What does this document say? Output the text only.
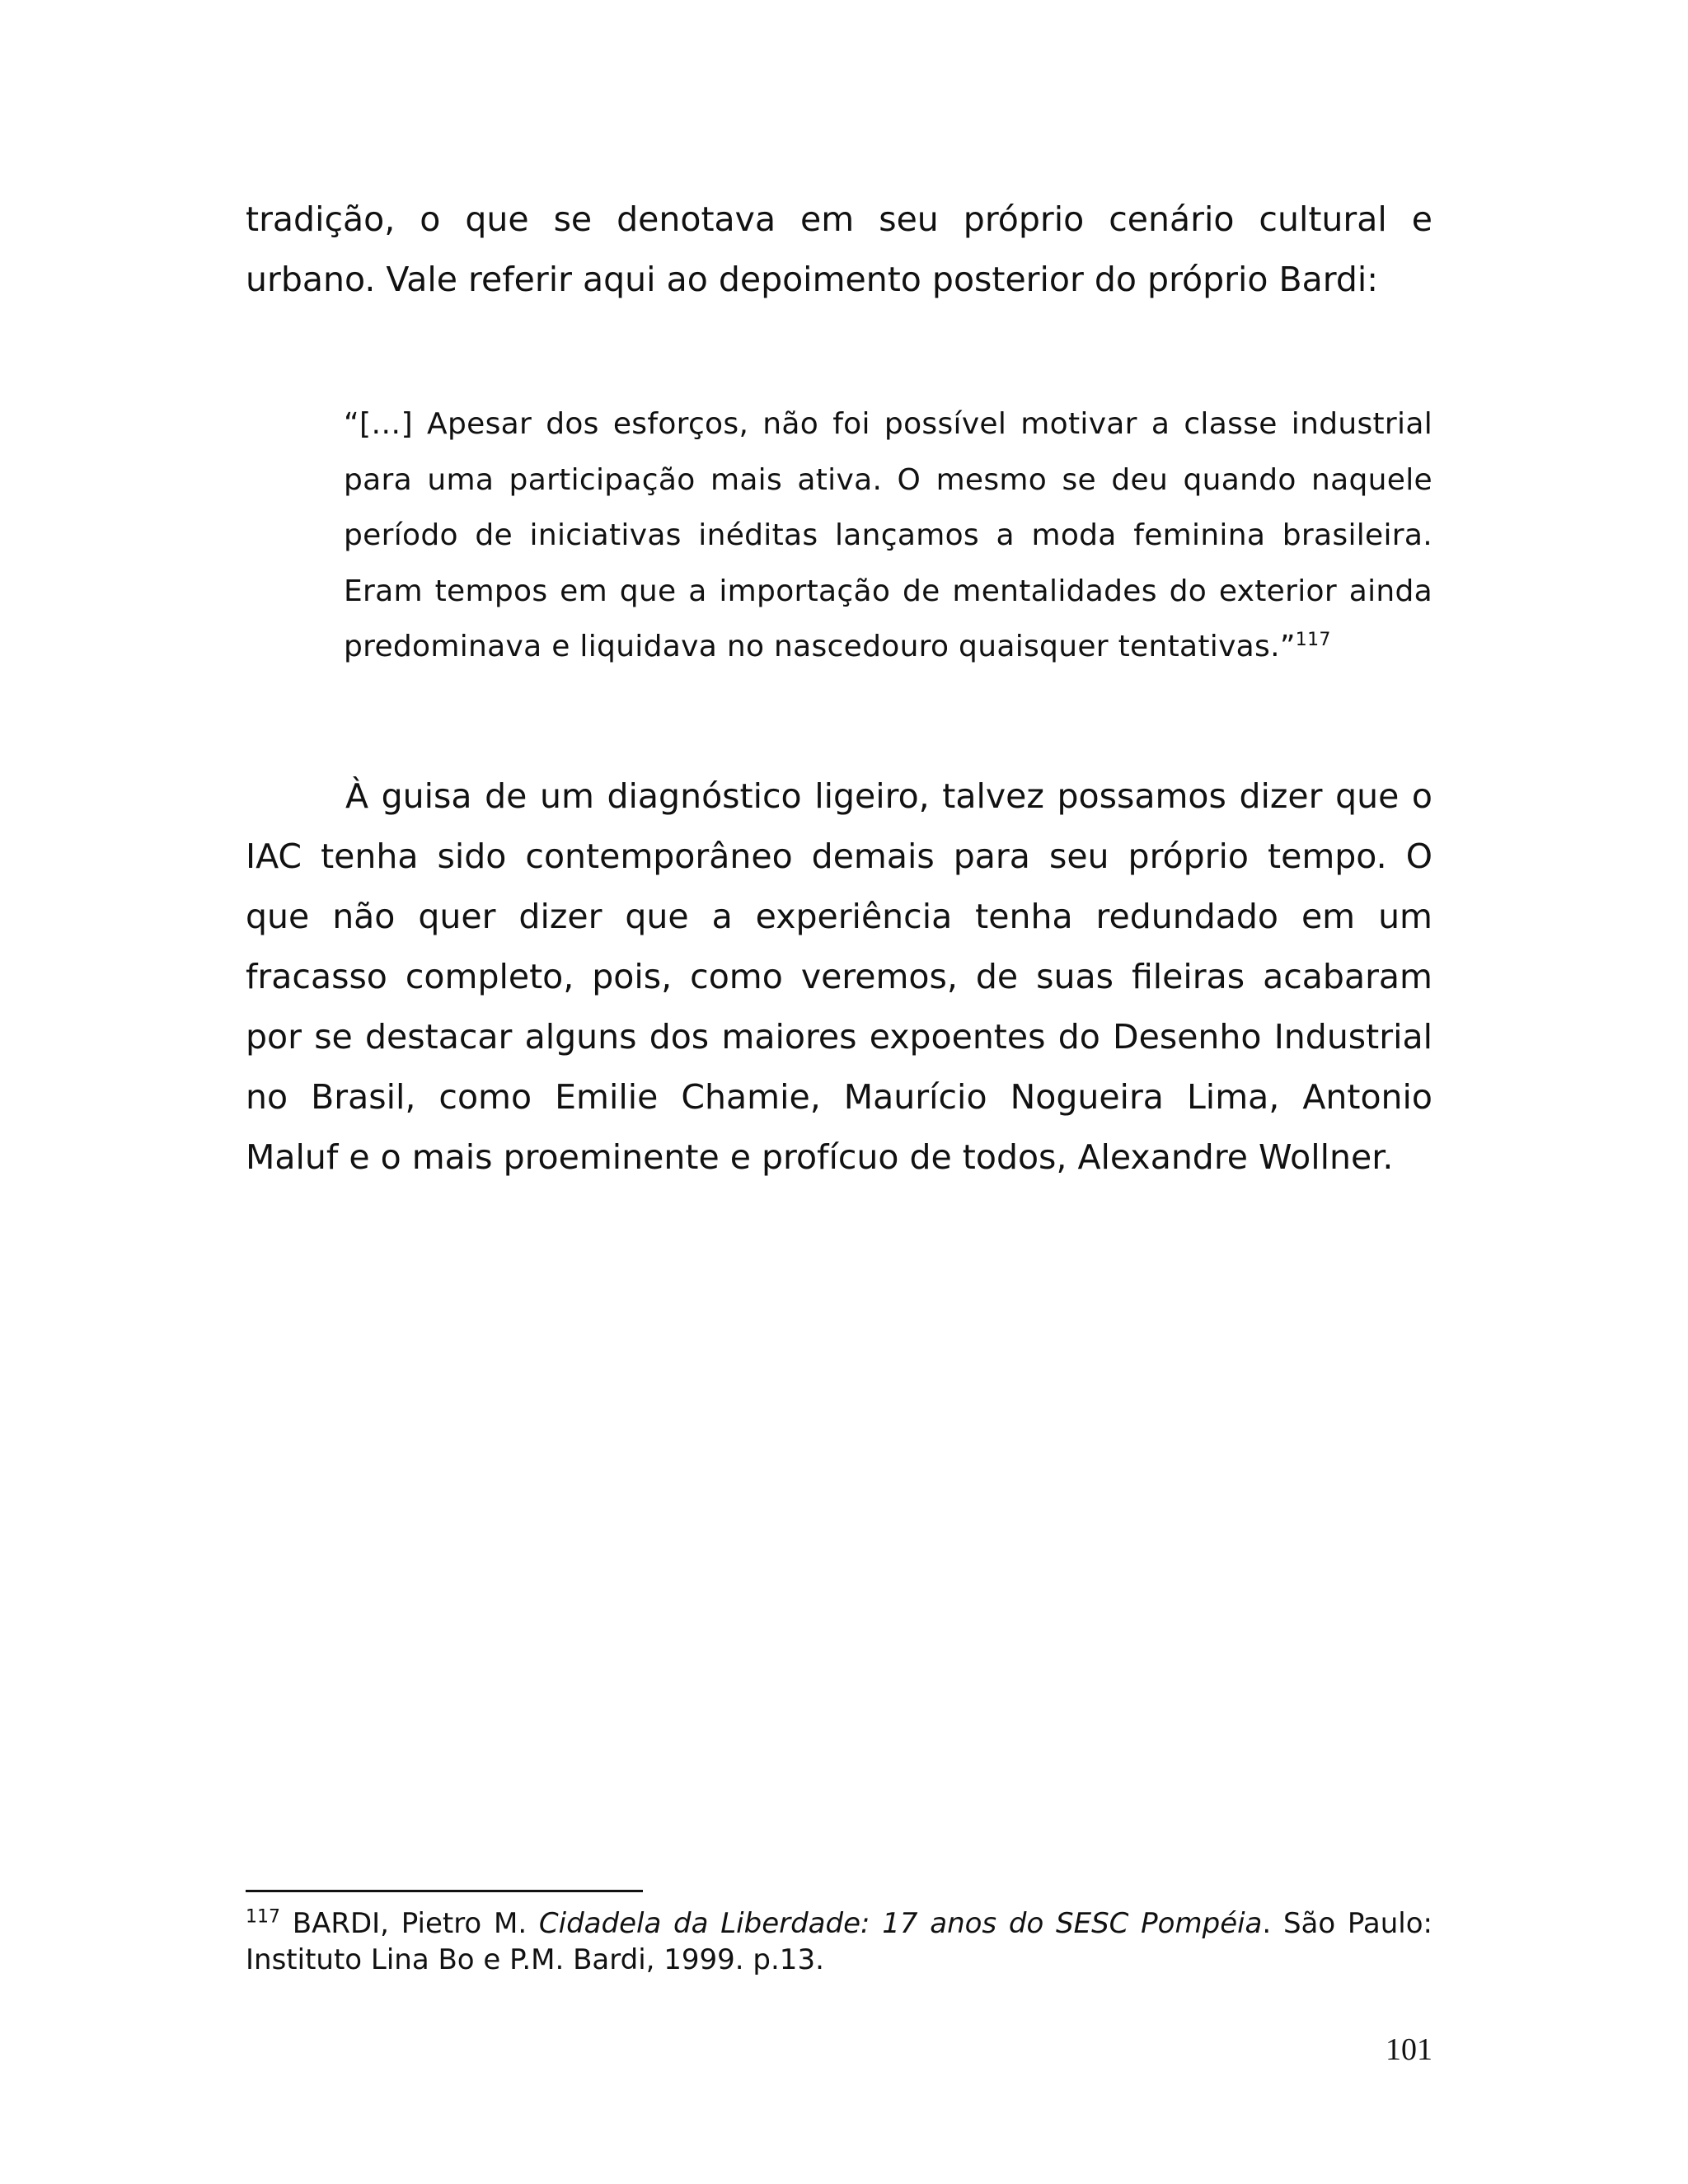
tradição, o que se denotava em seu próprio cenário cultural e urbano. Vale referir aqui ao depoimento posterior do próprio Bardi:

“[…] Apesar dos esforços, não foi possível motivar a classe industrial para uma participação mais ativa. O mesmo se deu quando naquele período de iniciativas inéditas lançamos a moda feminina brasileira. Eram tempos em que a importação de mentalidades do exterior ainda predominava e liquidava no nascedouro quaisquer tentativas.”$^{117}$

À guisa de um diagnóstico ligeiro, talvez possamos dizer que o IAC tenha sido contemporâneo demais para seu próprio tempo. O que não quer dizer que a experiência tenha redundado em um fracasso completo, pois, como veremos, de suas fileiras acabaram por se destacar alguns dos maiores expoentes do Desenho Industrial no Brasil, como Emilie Chamie, Maurício Nogueira Lima, Antonio Maluf e o mais proeminente e profícuo de todos, Alexandre Wollner.

$^{117}$ BARDI, Pietro M. Cidadela da Liberdade: 17 anos do SESC Pompéia. São Paulo: Instituto Lina Bo e P.M. Bardi, 1999. p.13.

101
